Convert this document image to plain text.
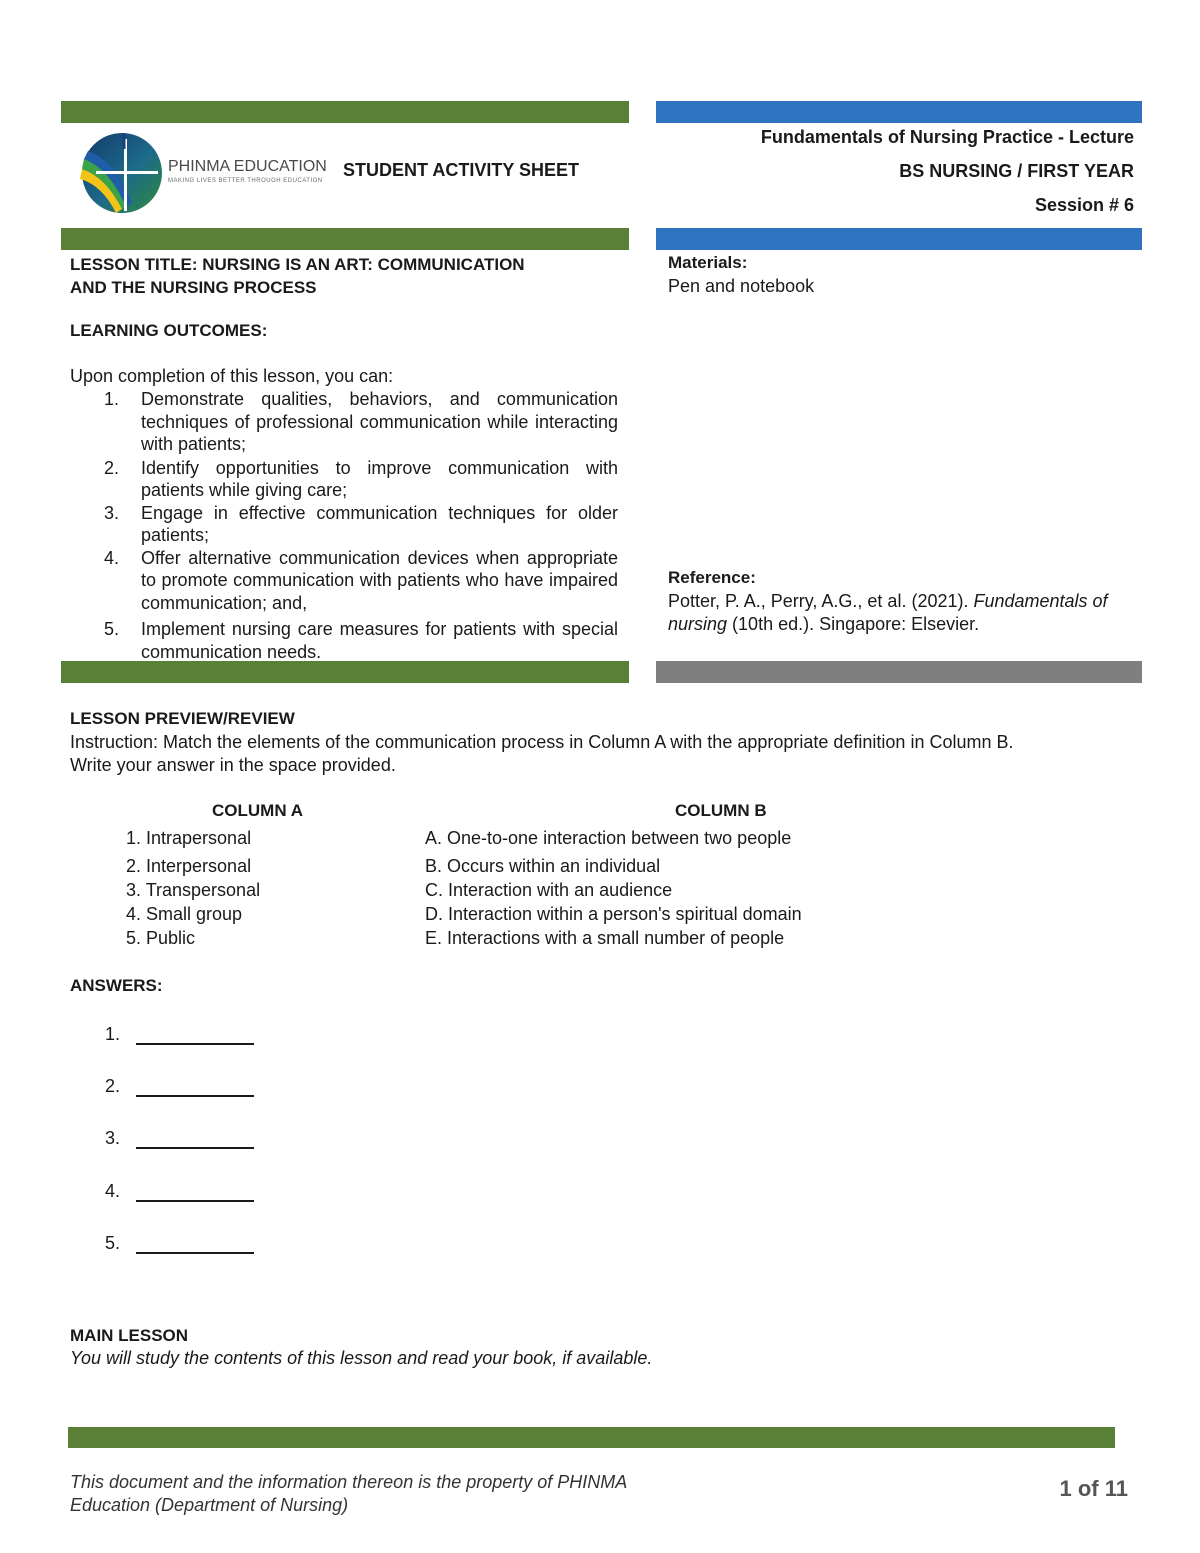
PHINMA EDUCATION
MAKING LIVES BETTER THROUGH EDUCATION
STUDENT ACTIVITY SHEET
Fundamentals of Nursing Practice - Lecture
BS NURSING / FIRST YEAR
Session # 6
LESSON TITLE: NURSING IS AN ART: COMMUNICATION
AND THE NURSING PROCESS
LEARNING OUTCOMES:
Upon completion of this lesson, you can:
1. Demonstrate qualities, behaviors, and communication techniques of professional communication while interacting with patients;
2. Identify opportunities to improve communication with patients while giving care;
3. Engage in effective communication techniques for older patients;
4. Offer alternative communication devices when appropriate to promote communication with patients who have impaired communication; and,
5. Implement nursing care measures for patients with special communication needs.
Materials:
Pen and notebook
Reference:
Potter, P. A., Perry, A.G., et al. (2021). Fundamentals of nursing (10th ed.). Singapore: Elsevier.
LESSON PREVIEW/REVIEW
Instruction: Match the elements of the communication process in Column A with the appropriate definition in Column B.
Write your answer in the space provided.
COLUMN A	COLUMN B
1. Intrapersonal
2. Interpersonal
3. Transpersonal
4. Small group
5. Public
A. One-to-one interaction between two people
B. Occurs within an individual
C. Interaction with an audience
D. Interaction within a person's spiritual domain
E. Interactions with a small number of people
ANSWERS:
1.
2.
3.
4.
5.
MAIN LESSON
You will study the contents of this lesson and read your book, if available.
This document and the information thereon is the property of PHINMA
Education (Department of Nursing)
1 of 11
